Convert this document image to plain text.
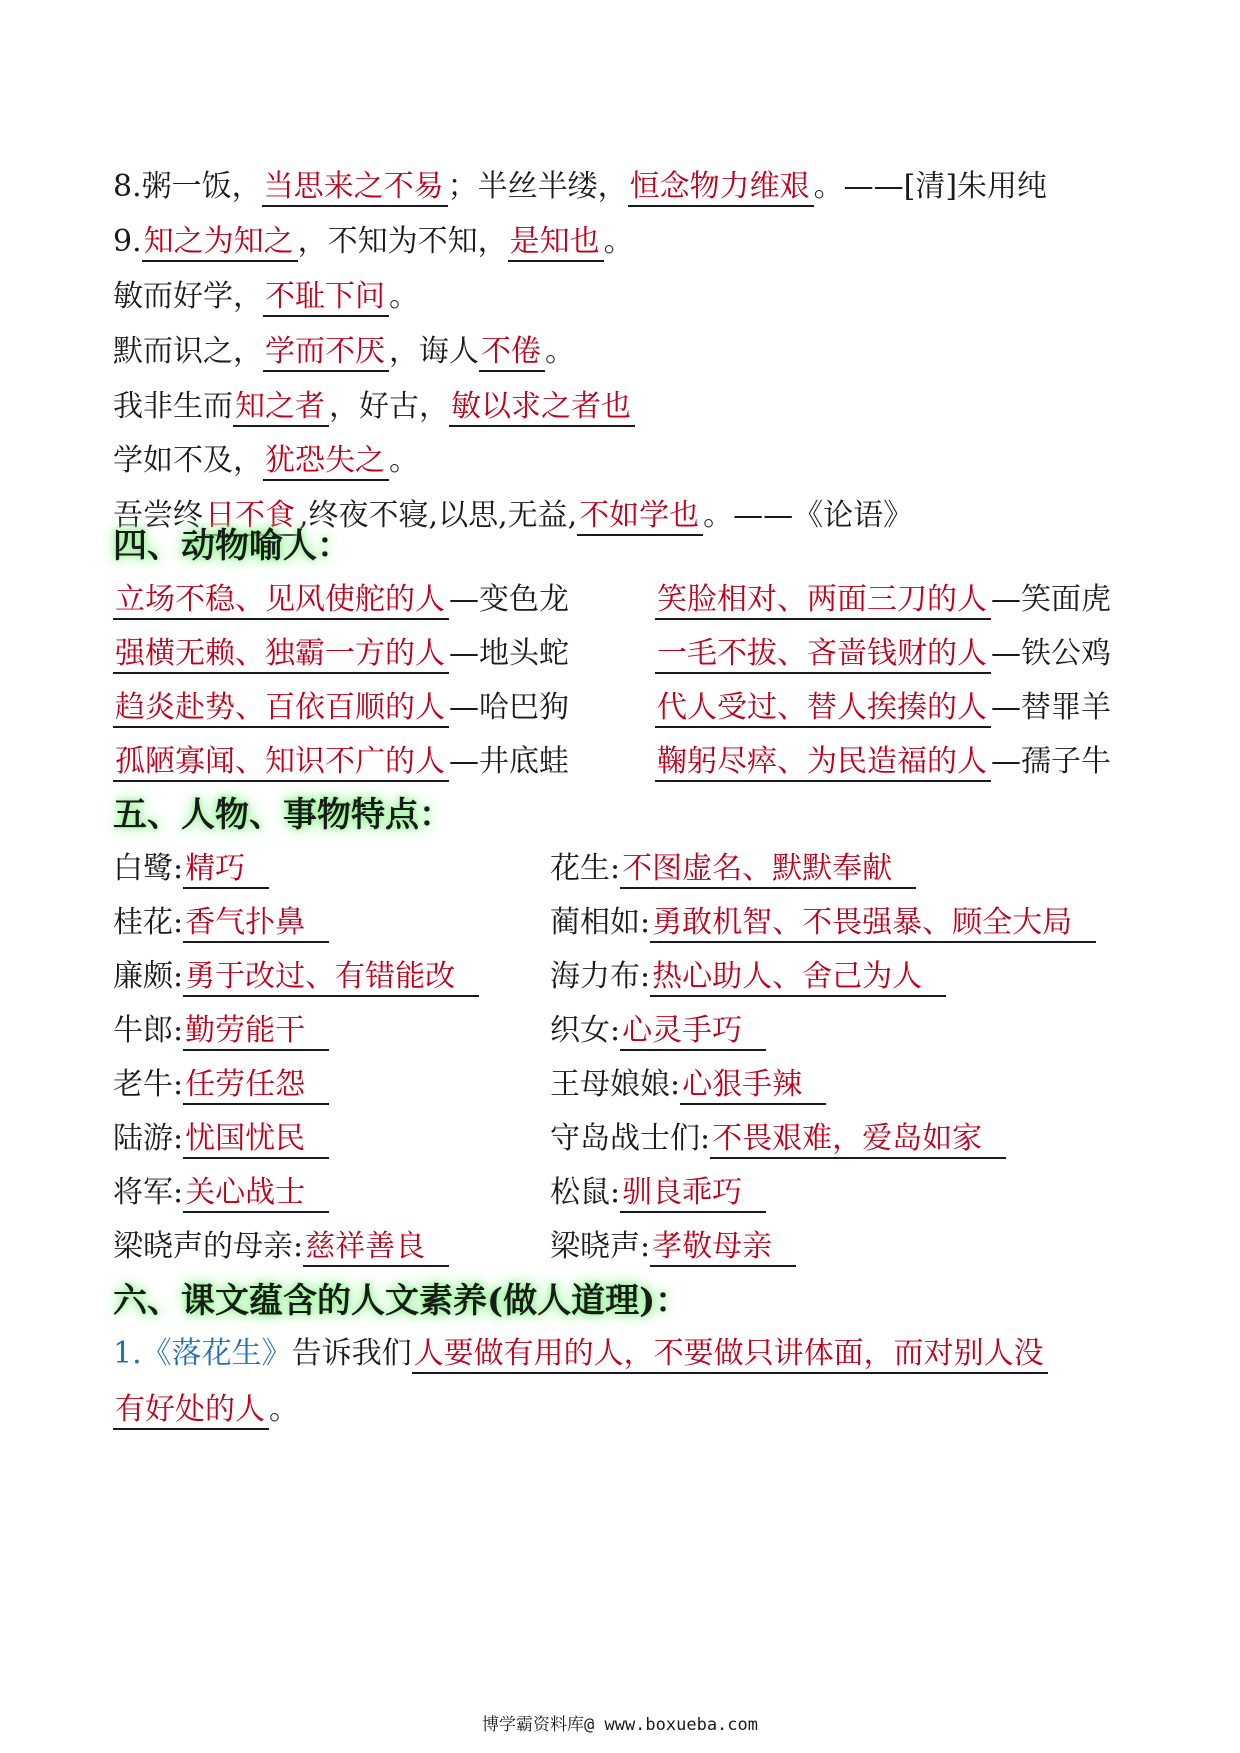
8.粥一饭，当思来之不易 ；半丝半缕，恒念物力维艰 。——[清]朱用纯
9.知之为知之 ，不知为不知，是知也 。
敏而好学，不耻下问 。
默而识之，学而不厌 ，诲人不倦 。
我非生而知之者 ，好古，敏以求之者也
学如不及，犹恐失之 。
吾尝终日不食 ,终夜不寝,以思,无益,不如学也 。——《论语》
四、动物喻人：
立场不稳、见风使舵的人 —变色龙	笑脸相对、两面三刀的人 —笑面虎
强横无赖、独霸一方的人 —地头蛇	一毛不拔、吝啬钱财的人 —铁公鸡
趋炎赴势、百依百顺的人 —哈巴狗	代人受过、替人挨揍的人 —替罪羊
孤陋寡闻、知识不广的人 —井底蛙	鞠躬尽瘁、为民造福的人 —孺子牛
五、人物、事物特点：
白鹭:精巧	花生:不图虚名、默默奉献
桂花:香气扑鼻	蔺相如:勇敢机智、不畏强暴、顾全大局
廉颇:勇于改过、有错能改	海力布:热心助人、舍己为人
牛郎:勤劳能干	织女:心灵手巧
老牛:任劳任怨	王母娘娘:心狠手辣
陆游:忧国忧民	守岛战士们:不畏艰难，爱岛如家
将军:关心战士	松鼠:驯良乖巧
梁晓声的母亲:慈祥善良	梁晓声:孝敬母亲
六、课文蕴含的人文素养(做人道理)：
1.《落花生》告诉我们人要做有用的人，不要做只讲体面，而对别人没
有好处的人 。
博学霸资料库@ www.boxueba.com
